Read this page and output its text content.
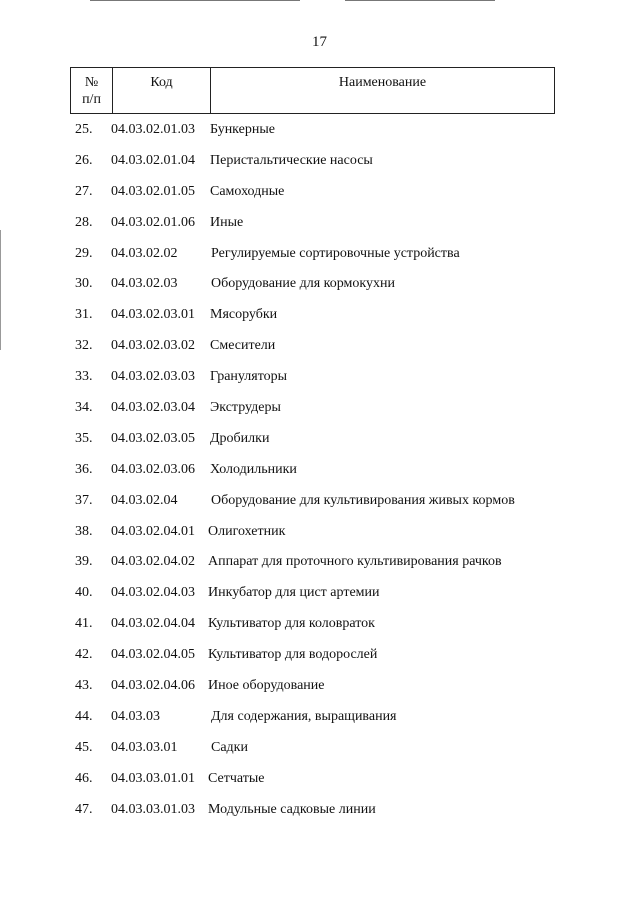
17
№
п/п
Код	Наименование
25. 04.03.02.01.03 Бункерные
26. 04.03.02.01.04 Перистальтические насосы
27. 04.03.02.01.05 Самоходные
28. 04.03.02.01.06 Иные
29. 04.03.02.02 Регулируемые сортировочные устройства
30. 04.03.02.03 Оборудование для кормокухни
31. 04.03.02.03.01 Мясорубки
32. 04.03.02.03.02 Смесители
33. 04.03.02.03.03 Грануляторы
34. 04.03.02.03.04 Экструдеры
35. 04.03.02.03.05 Дробилки
36. 04.03.02.03.06 Холодильники
37. 04.03.02.04 Оборудование для культивирования живых кормов
38. 04.03.02.04.01 Олигохетник
39. 04.03.02.04.02 Аппарат для проточного культивирования рачков
40. 04.03.02.04.03 Инкубатор для цист артемии
41. 04.03.02.04.04 Культиватор для коловраток
42. 04.03.02.04.05 Культиватор для водорослей
43. 04.03.02.04.06 Иное оборудование
44. 04.03.03	Для содержания, выращивания
45. 04.03.03.01 Садки
46. 04.03.03.01.01 Сетчатые
47. 04.03.03.01.03 Модульные садковые линии
